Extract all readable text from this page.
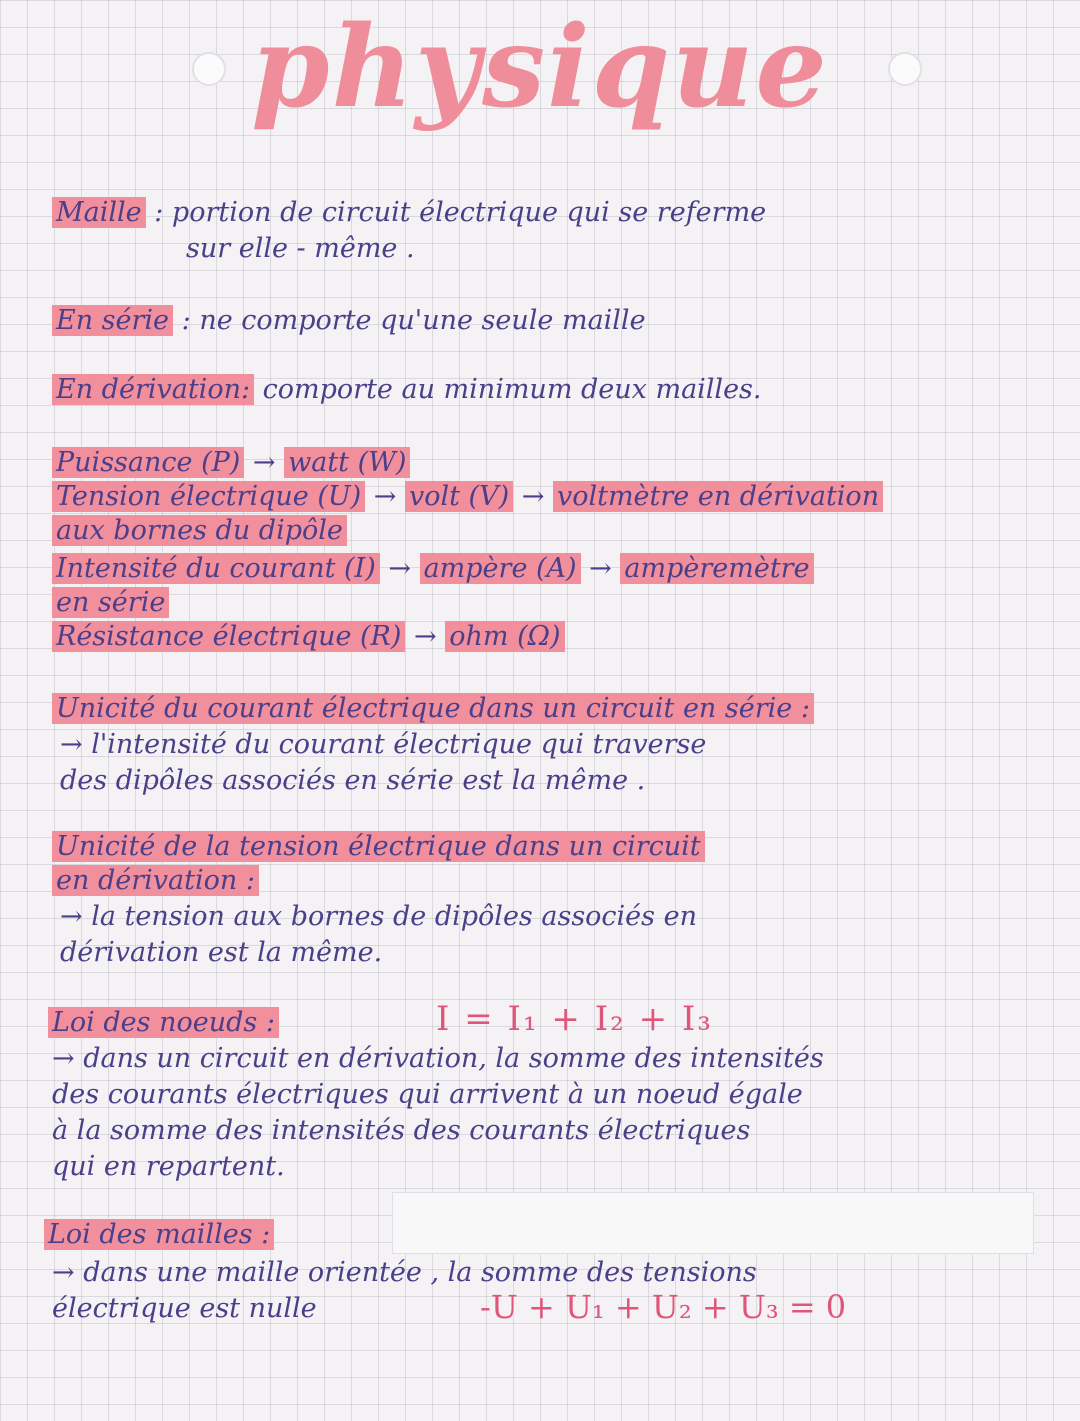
physique
Maille : portion de circuit électrique qui se referme
sur elle - même .
En série : ne comporte qu'une seule maille
En dérivation: comporte au minimum deux mailles.
Puissance (P) → watt (W)
Tension électrique (U) → volt (V) → voltmètre en dérivation
aux bornes du dipôle
Intensité du courant (I) → ampère (A) → ampèremètre
en série
Résistance électrique (R) → ohm (Ω)
Unicité du courant électrique dans un circuit en série :
→ l'intensité du courant électrique qui traverse
des dipôles associés en série est la même .
Unicité de la tension électrique dans un circuit
en dérivation :
→ la tension aux bornes de dipôles associés en
dérivation est la même.
Loi des noeuds :	I = I₁ + I₂ + I₃
→ dans un circuit en dérivation, la somme des intensités
des courants électriques qui arrivent à un noeud égale
à la somme des intensités des courants électriques
qui en repartent.
Loi des mailles :
→ dans une maille orientée , la somme des tensions
électrique est nulle	-U + U₁ + U₂ + U₃ = 0
